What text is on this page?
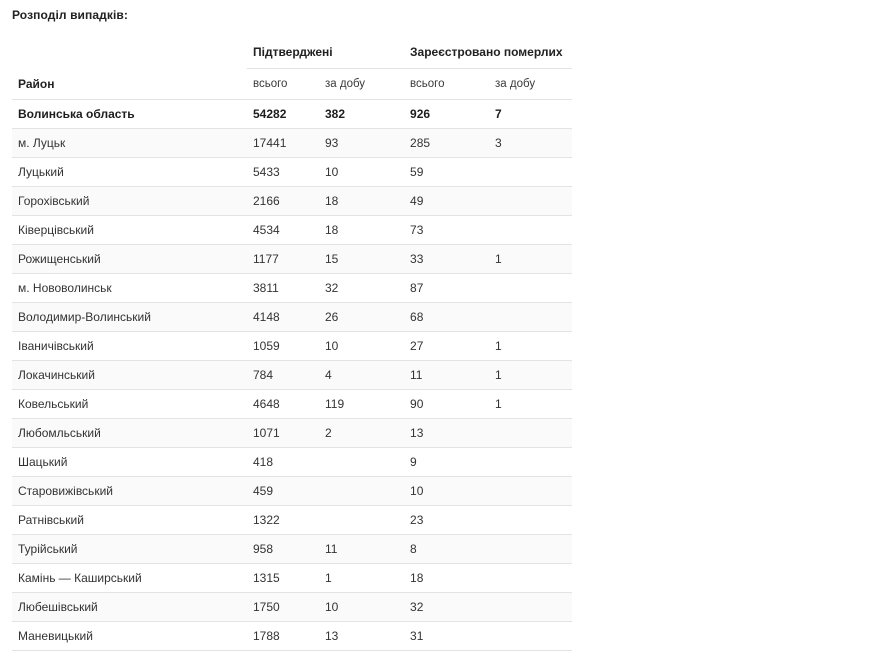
Розподіл випадків:
	Підтверджені		Зареєстровано померлих	
Район	всього	за добу	всього	за добу
Волинська область	54282	382	926	7
м. Луцьк	17441	93	285	3
Луцький	5433	10	59	
Горохівський	2166	18	49	
Ківерцівський	4534	18	73	
Рожищенський	1177	15	33	1
м. Нововолинськ	3811	32	87	
Володимир-Волинський	4148	26	68	
Іваничівський	1059	10	27	1
Локачинський	784	4	11	1
Ковельський	4648	119	90	1
Любомльський	1071	2	13	
Шацький	418		9	
Старовижівський	459		10	
Ратнівський	1322		23	
Турійський	958	11	8	
Камінь — Каширський	1315	1	18	
Любешівський	1750	10	32	
Маневицький	1788	13	31	
